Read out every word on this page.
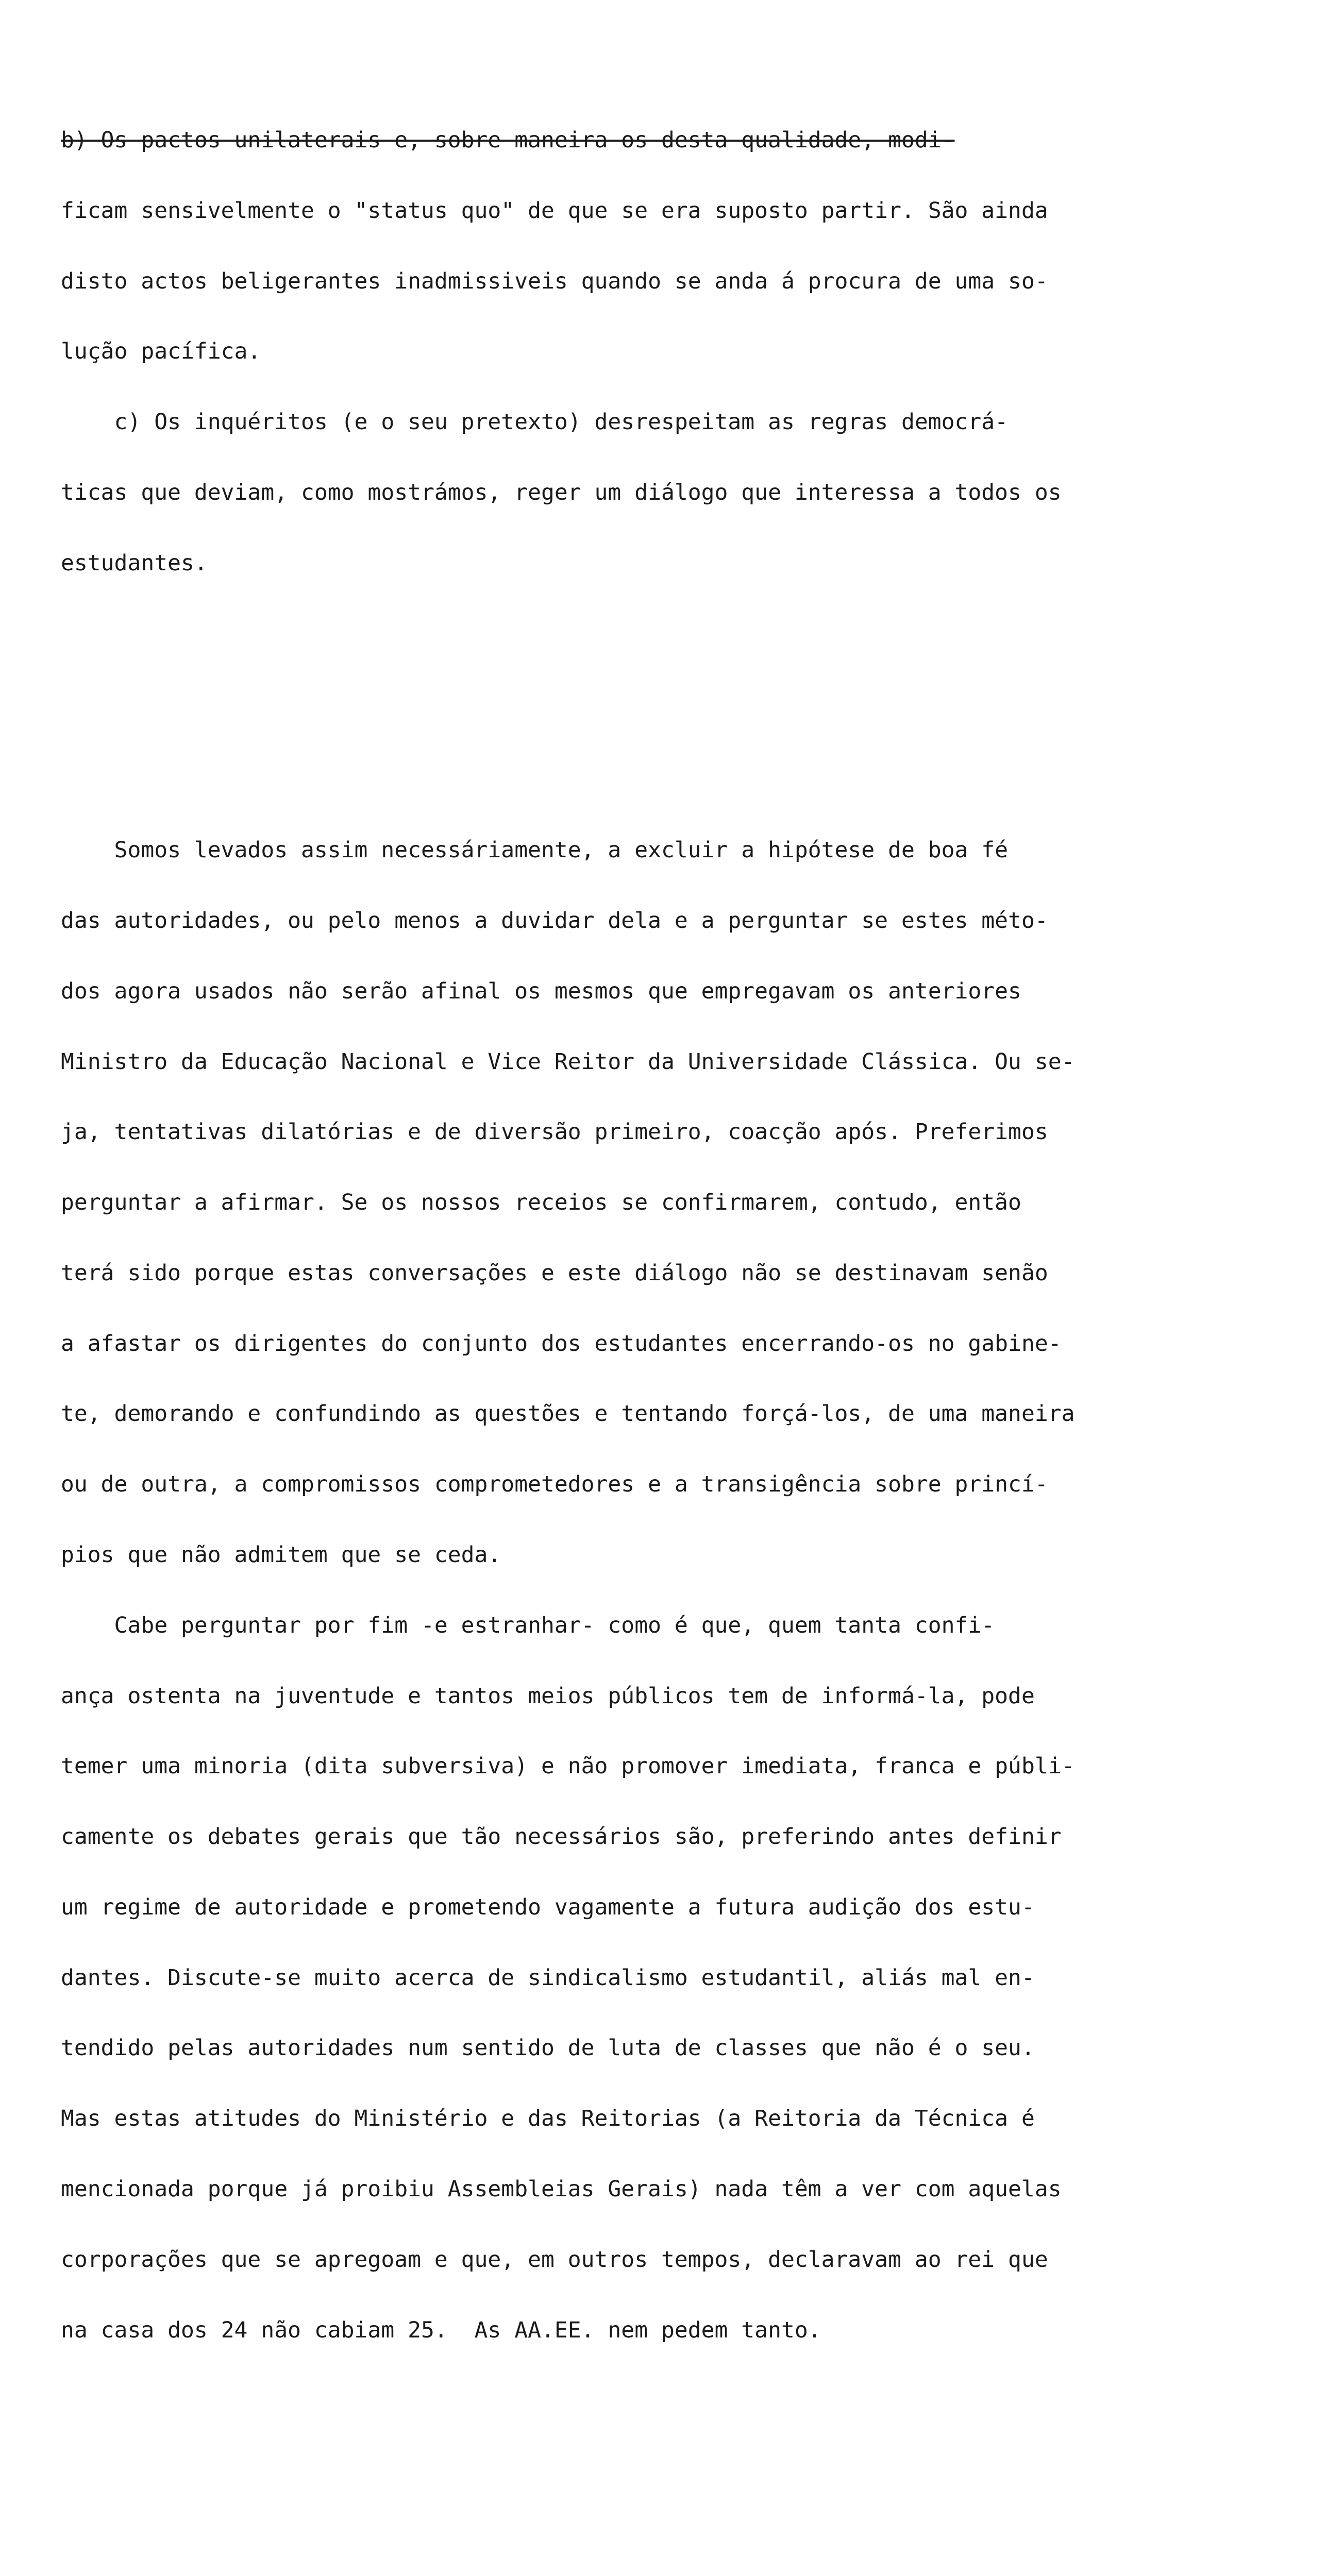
b) Os pactos unilaterais e, sobre maneira os desta qualidade, modi-

ficam sensivelmente o "status quo" de que se era suposto partir. São ainda

disto actos beligerantes inadmissiveis quando se anda á procura de uma so-

lução pacífica.

c) Os inquéritos (e o seu pretexto) desrespeitam as regras democrá-

ticas que deviam, como mostrámos, reger um diálogo que interessa a todos os

estudantes.

Somos levados assim necessáriamente, a excluir a hipótese de boa fé

das autoridades, ou pelo menos a duvidar dela e a perguntar se estes méto-

dos agora usados não serão afinal os mesmos que empregavam os anteriores

Ministro da Educação Nacional e Vice Reitor da Universidade Clássica. Ou se-

ja, tentativas dilatórias e de diversão primeiro, coacção após. Preferimos

perguntar a afirmar. Se os nossos receios se confirmarem, contudo, então

terá sido porque estas conversações e este diálogo não se destinavam senão

a afastar os dirigentes do conjunto dos estudantes encerrando-os no gabine-

te, demorando e confundindo as questões e tentando forçá-los, de uma maneira

ou de outra, a compromissos comprometedores e a transigência sobre princí-

pios que não admitem que se ceda.

Cabe perguntar por fim -e estranhar- como é que, quem tanta confi-

ança ostenta na juventude e tantos meios públicos tem de informá-la, pode

temer uma minoria (dita subversiva) e não promover imediata, franca e públi-

camente os debates gerais que tão necessários são, preferindo antes definir

um regime de autoridade e prometendo vagamente a futura audição dos estu-

dantes. Discute-se muito acerca de sindicalismo estudantil, aliás mal en-

tendido pelas autoridades num sentido de luta de classes que não é o seu.

Mas estas atitudes do Ministério e das Reitorias (a Reitoria da Técnica é

mencionada porque já proibiu Assembleias Gerais) nada têm a ver com aquelas

corporações que se apregoam e que, em outros tempos, declaravam ao rei que

na casa dos 24 não cabiam 25.  As AA.EE. nem pedem tanto.
